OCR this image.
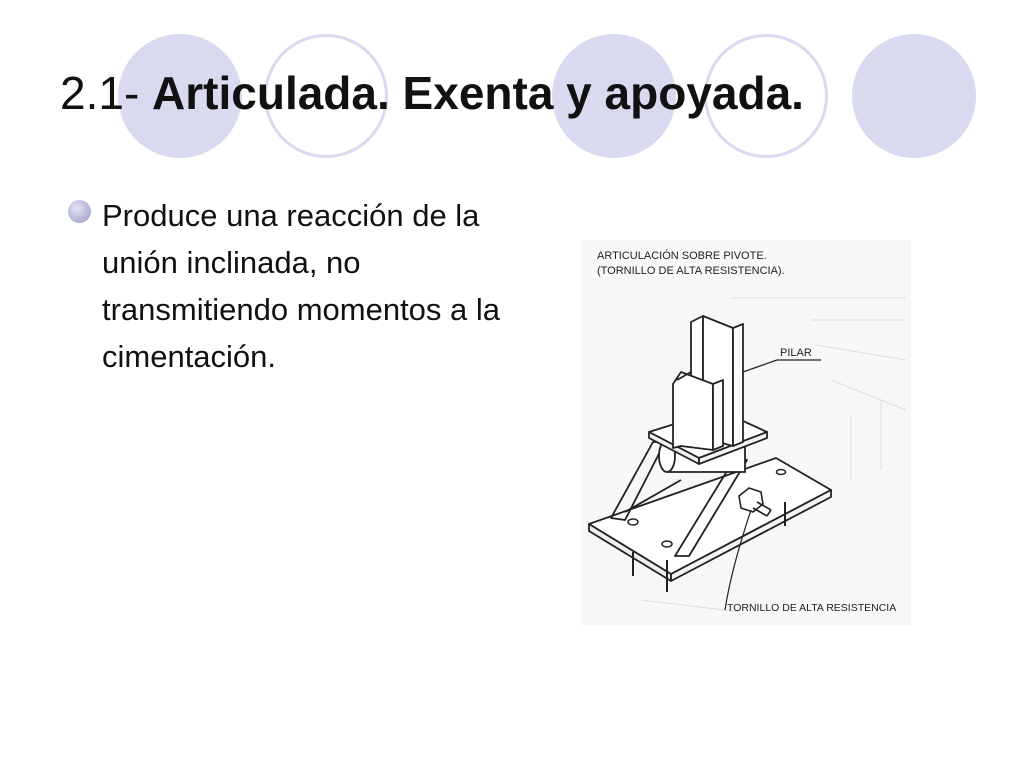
2.1- Articulada. Exenta y apoyada.

Produce una reacción de la unión inclinada, no transmitiendo momentos a la cimentación.

ARTICULACIÓN SOBRE PIVOTE.
(TORNILLO DE ALTA RESISTENCIA).
PILAR
TORNILLO DE ALTA RESISTENCIA
